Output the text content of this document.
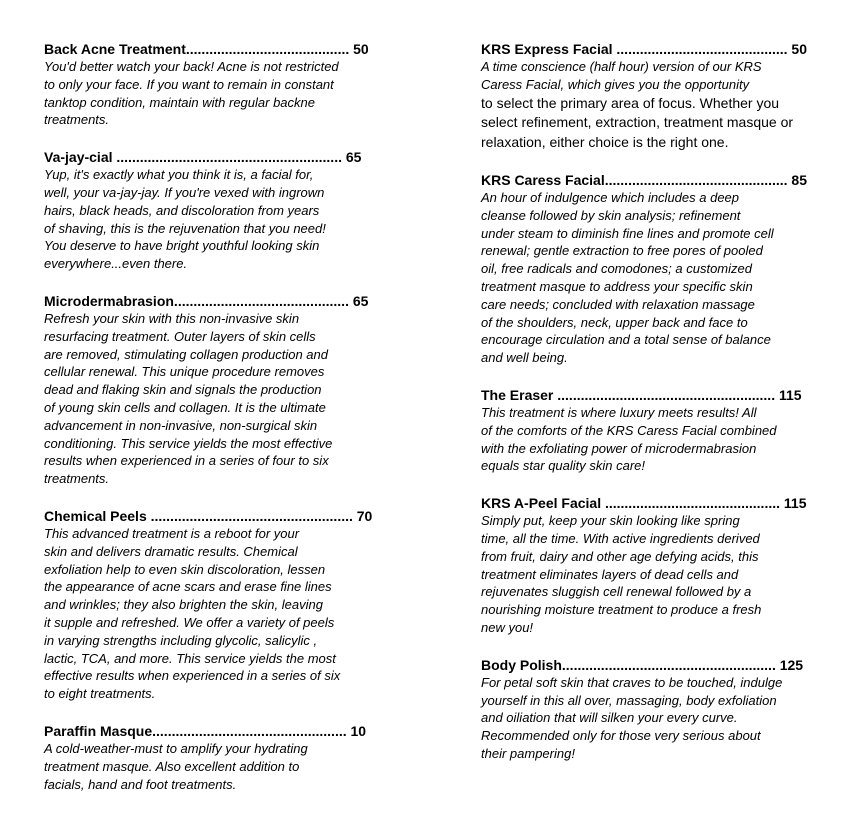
Back Acne Treatment.......................................... 50

You'd better watch your back! Acne is not restricted
to only your face. If you want to remain in constant
tanktop condition, maintain with regular backne
treatments.

Va-jay-cial .......................................................... 65

Yup, it's exactly what you think it is, a facial for,
well, your va-jay-jay. If you're vexed with ingrown
hairs, black heads, and discoloration from years
of shaving, this is the rejuvenation that you need!
You deserve to have bright youthful looking skin
everywhere...even there.

Microdermabrasion............................................. 65

Refresh your skin with this non-invasive skin
resurfacing treatment. Outer layers of skin cells
are removed, stimulating collagen production and
cellular renewal. This unique procedure removes
dead and flaking skin and signals the production
of young skin cells and collagen. It is the ultimate
advancement in non-invasive, non-surgical skin
conditioning. This service yields the most effective
results when experienced in a series of four to six
treatments.

Chemical Peels .................................................... 70

This advanced treatment is a reboot for your
skin and delivers dramatic results. Chemical
exfoliation help to even skin discoloration, lessen
the appearance of acne scars and erase fine lines
and wrinkles; they also brighten the skin, leaving
it supple and refreshed. We offer a variety of peels
in varying strengths including glycolic, salicylic ,
lactic, TCA, and more. This service yields the most
effective results when experienced in a series of six
to eight treatments.

Paraffin Masque.................................................. 10

A cold-weather-must to amplify your hydrating
treatment masque. Also excellent addition to
facials, hand and foot treatments.

KRS Express Facial ............................................ 50

A time conscience (half hour) version of our KRS
Caress Facial, which gives you the opportunity

to select the primary area of focus. Whether you
select refinement, extraction, treatment masque or
relaxation, either choice is the right one.

KRS Caress Facial............................................... 85

An hour of indulgence which includes a deep
cleanse followed by skin analysis; refinement
under steam to diminish fine lines and promote cell
renewal; gentle extraction to free pores of pooled
oil, free radicals and comodones; a customized
treatment masque to address your specific skin
care needs; concluded with relaxation massage
of the shoulders, neck, upper back and face to
encourage circulation and a total sense of balance
and well being.

The Eraser ........................................................ 115

This treatment is where luxury meets results! All
of the comforts of the KRS Caress Facial combined
with the exfoliating power of microdermabrasion
equals star quality skin care!

KRS A-Peel Facial ............................................. 115

Simply put, keep your skin looking like spring
time, all the time. With active ingredients derived
from fruit, dairy and other age defying acids, this
treatment eliminates layers of dead cells and
rejuvenates sluggish cell renewal followed by a
nourishing moisture treatment to produce a fresh
new you!

Body Polish....................................................... 125

For petal soft skin that craves to be touched, indulge
yourself in this all over, massaging, body exfoliation
and oiliation that will silken your every curve.
Recommended only for those very serious about
their pampering!
